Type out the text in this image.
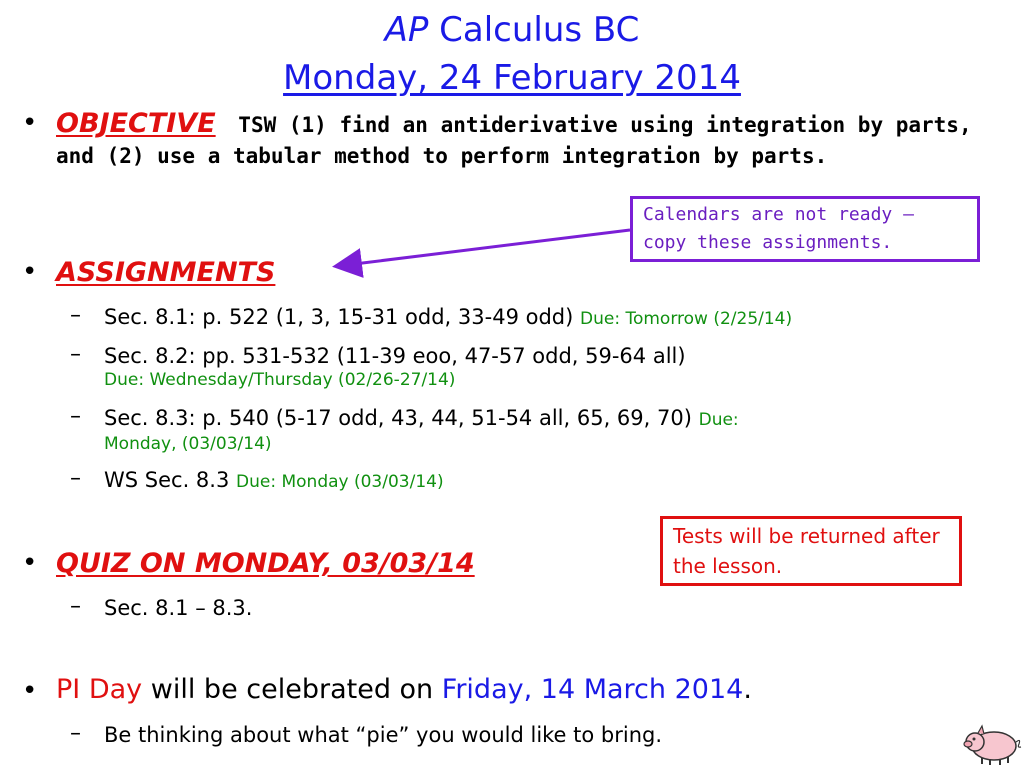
AP Calculus BC
Monday, 24 February 2014
• OBJECTIVE TSW (1) find an antiderivative using integration by parts, and (2) use a tabular method to perform integration by parts.
Calendars are not ready – copy these assignments.
• ASSIGNMENTS
– Sec. 8.1: p. 522 (1, 3, 15-31 odd, 33-49 odd) Due: Tomorrow (2/25/14)
– Sec. 8.2: pp. 531-532 (11-39 eoo, 47-57 odd, 59-64 all)
Due: Wednesday/Thursday (02/26-27/14)
– Sec. 8.3: p. 540 (5-17 odd, 43, 44, 51-54 all, 65, 69, 70) Due:
Monday, (03/03/14)
– WS Sec. 8.3 Due: Monday (03/03/14)
Tests will be returned after the lesson.
• QUIZ ON MONDAY, 03/03/14
– Sec. 8.1 – 8.3.
• PI Day will be celebrated on Friday, 14 March 2014.
– Be thinking about what “pie” you would like to bring.
